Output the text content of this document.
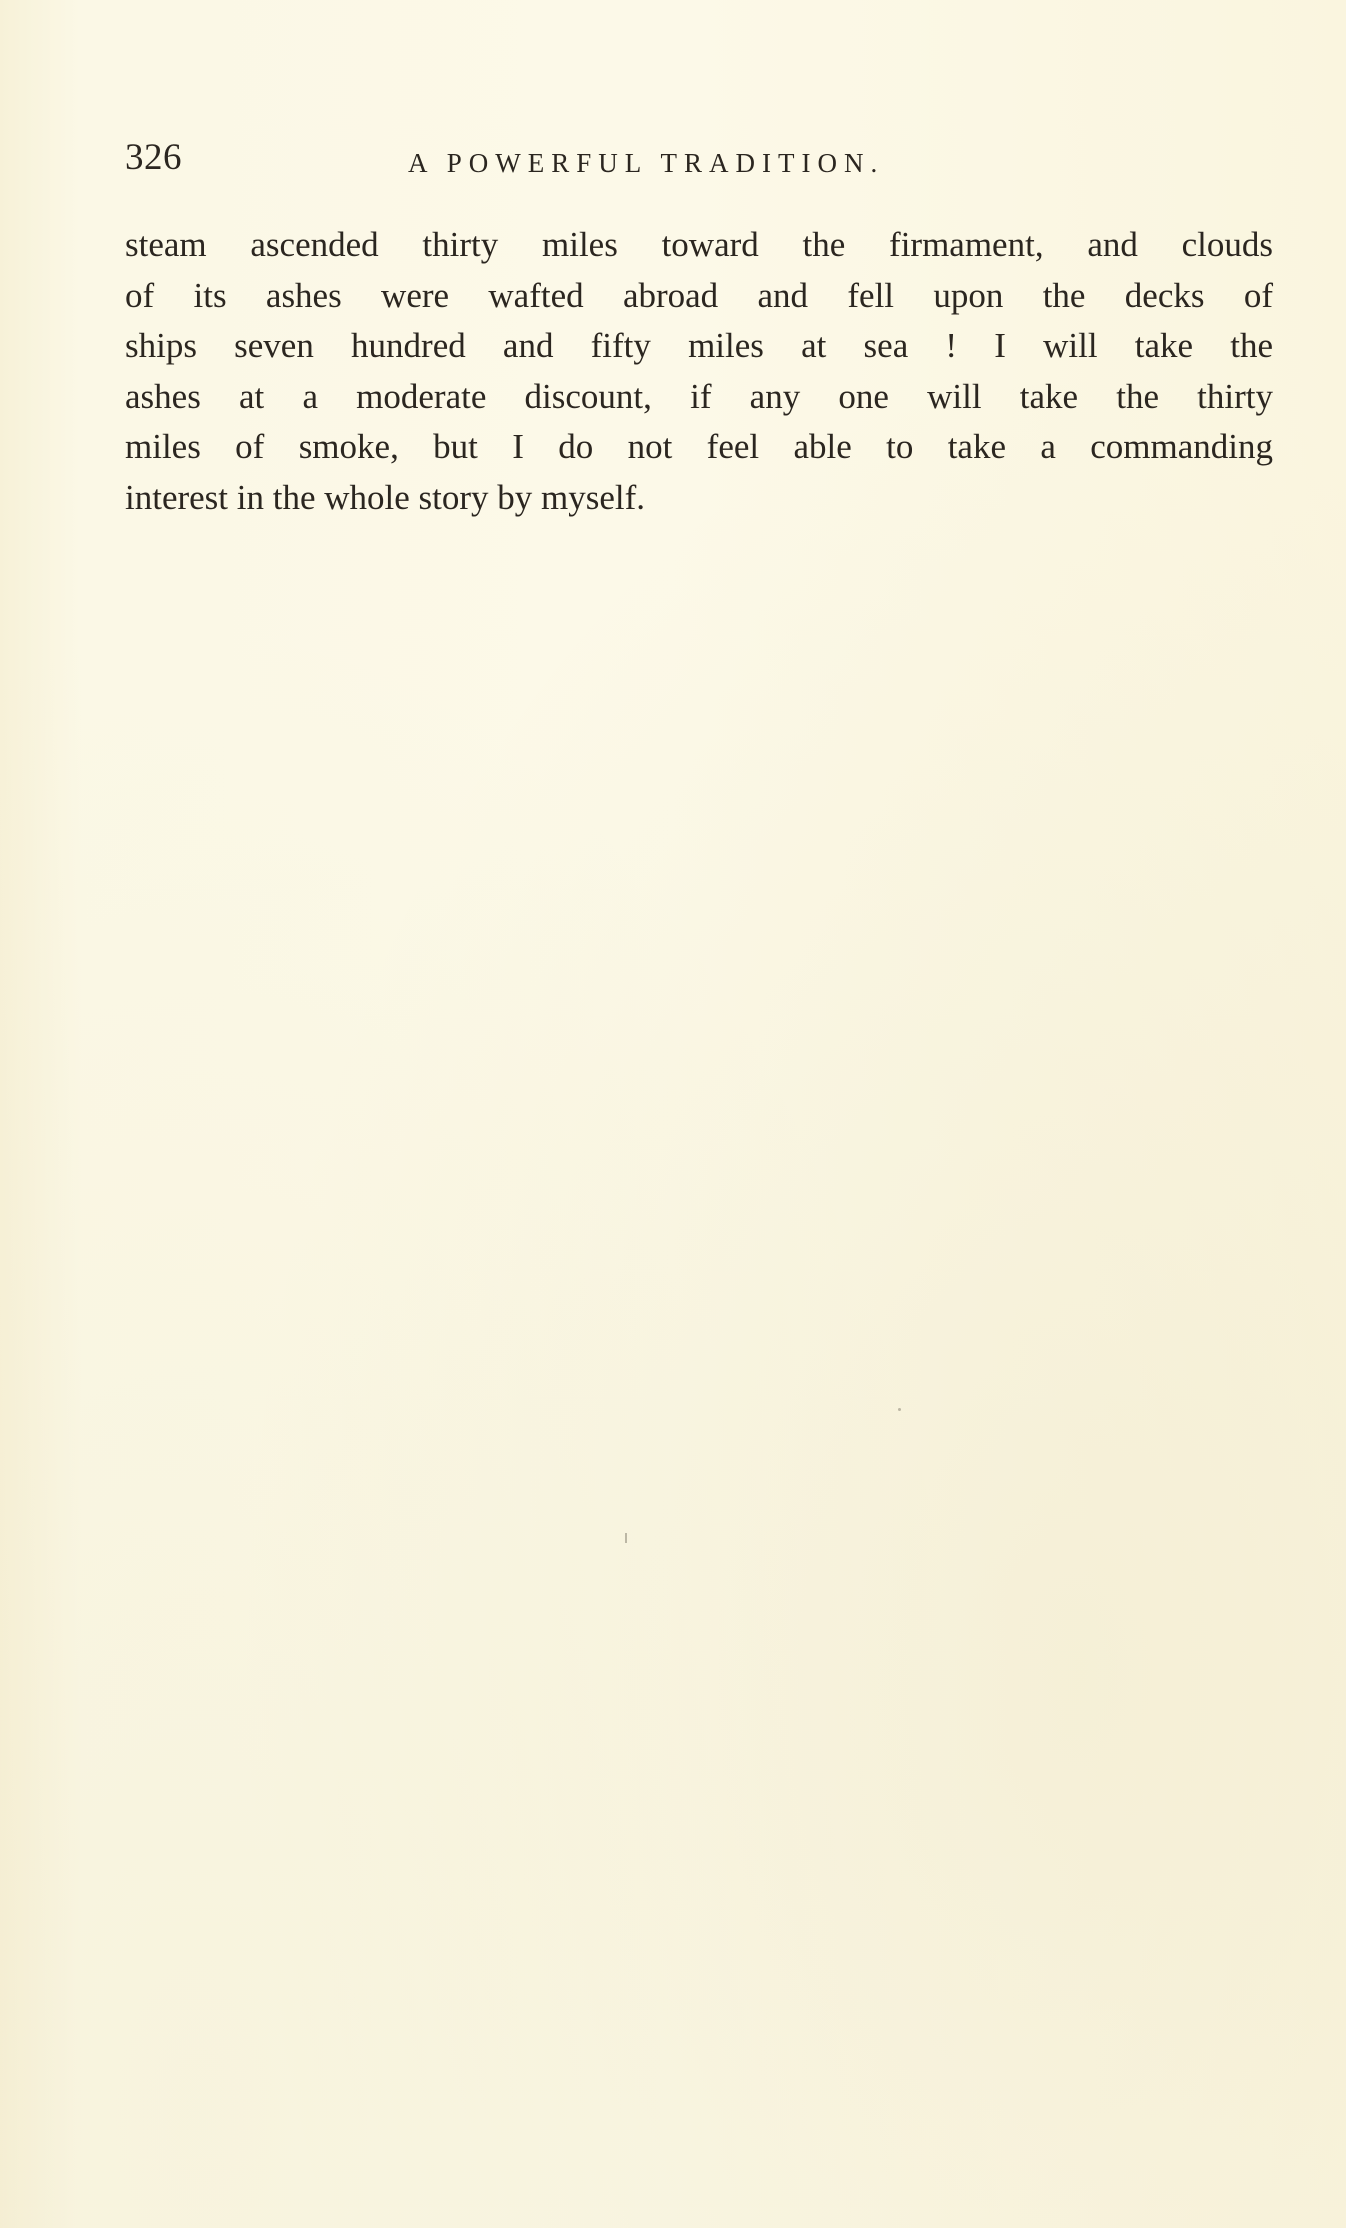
326	A POWERFUL TRADITION.
steam ascended thirty miles toward the firmament, and clouds
of its ashes were wafted abroad and fell upon the decks of
ships seven hundred and fifty miles at sea ! I will take the
ashes at a moderate discount, if any one will take the thirty
miles of smoke, but I do not feel able to take a commanding
interest in the whole story by myself.
